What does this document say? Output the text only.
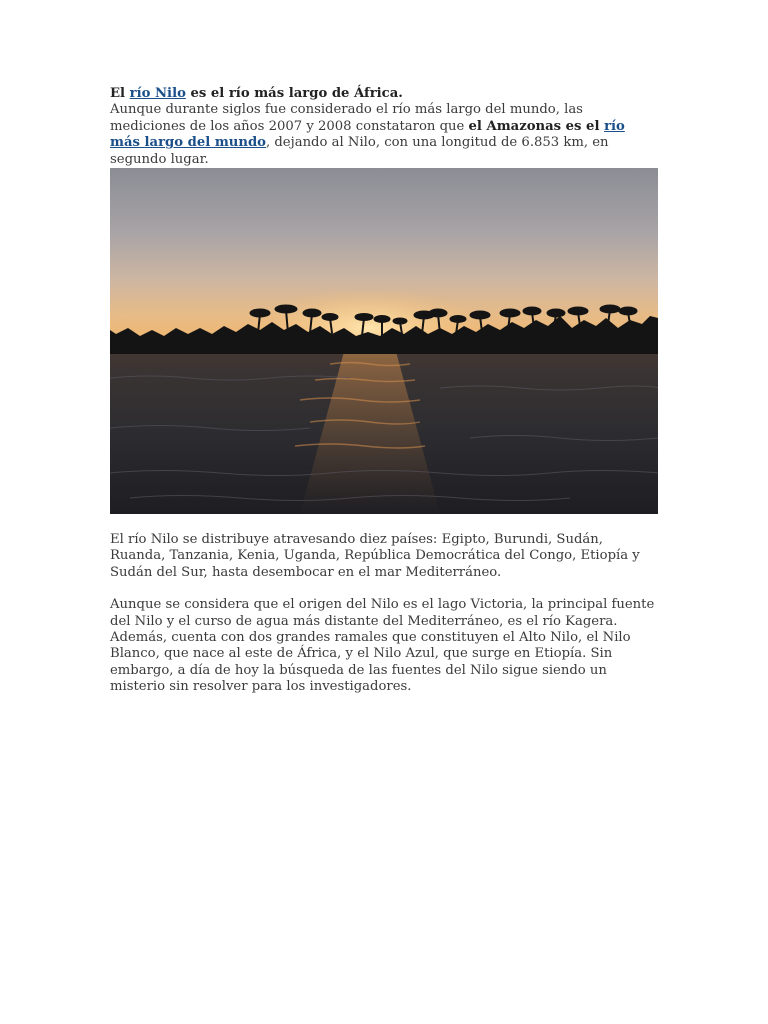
El río Nilo es el río más largo de África.

Aunque durante siglos fue considerado el río más largo del mundo, las mediciones de los años 2007 y 2008 constataron que el Amazonas es el río más largo del mundo, dejando al Nilo, con una longitud de 6.853 km, en segundo lugar.

El río Nilo se distribuye atravesando diez países: Egipto, Burundi, Sudán, Ruanda, Tanzania, Kenia, Uganda, República Democrática del Congo, Etiopía y Sudán del Sur, hasta desembocar en el mar Mediterráneo.

Aunque se considera que el origen del Nilo es el lago Victoria, la principal fuente del Nilo y el curso de agua más distante del Mediterráneo, es el río Kagera. Además, cuenta con dos grandes ramales que constituyen el Alto Nilo, el Nilo Blanco, que nace al este de África, y el Nilo Azul, que surge en Etiopía. Sin embargo, a día de hoy la búsqueda de las fuentes del Nilo sigue siendo un misterio sin resolver para los investigadores.
